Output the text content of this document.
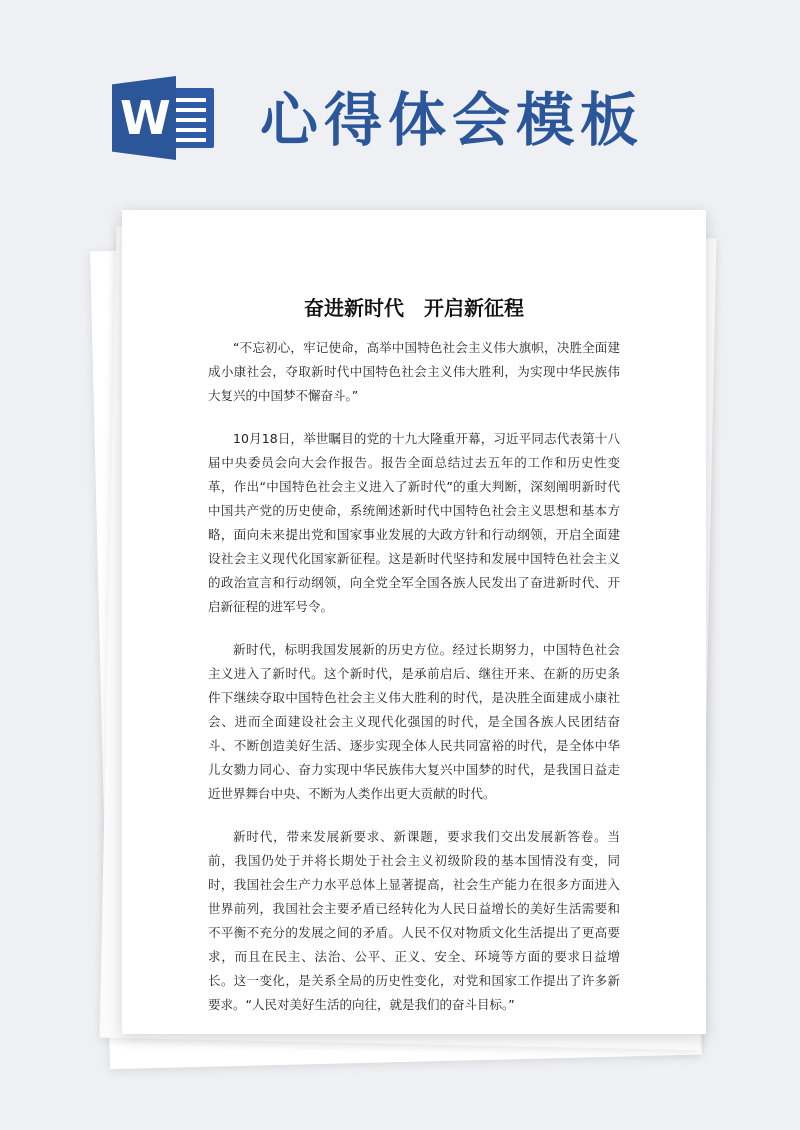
W 心得体会模板
奋进新时代　开启新征程

“不忘初心，牢记使命，高举中国特色社会主义伟大旗帜，决胜全面建成小康社会，夺取新时代中国特色社会主义伟大胜利，为实现中华民族伟大复兴的中国梦不懈奋斗。”

10月18日，举世瞩目的党的十九大隆重开幕，习近平同志代表第十八届中央委员会向大会作报告。报告全面总结过去五年的工作和历史性变革，作出“中国特色社会主义进入了新时代”的重大判断，深刻阐明新时代中国共产党的历史使命，系统阐述新时代中国特色社会主义思想和基本方略，面向未来提出党和国家事业发展的大政方针和行动纲领，开启全面建设社会主义现代化国家新征程。这是新时代坚持和发展中国特色社会主义的政治宣言和行动纲领，向全党全军全国各族人民发出了奋进新时代、开启新征程的进军号令。

新时代，标明我国发展新的历史方位。经过长期努力，中国特色社会主义进入了新时代。这个新时代，是承前启后、继往开来、在新的历史条件下继续夺取中国特色社会主义伟大胜利的时代，是决胜全面建成小康社会、进而全面建设社会主义现代化强国的时代，是全国各族人民团结奋斗、不断创造美好生活、逐步实现全体人民共同富裕的时代，是全体中华儿女勠力同心、奋力实现中华民族伟大复兴中国梦的时代，是我国日益走近世界舞台中央、不断为人类作出更大贡献的时代。

新时代，带来发展新要求、新课题，要求我们交出发展新答卷。当前，我国仍处于并将长期处于社会主义初级阶段的基本国情没有变，同时，我国社会生产力水平总体上显著提高，社会生产能力在很多方面进入世界前列，我国社会主要矛盾已经转化为人民日益增长的美好生活需要和不平衡不充分的发展之间的矛盾。人民不仅对物质文化生活提出了更高要求，而且在民主、法治、公平、正义、安全、环境等方面的要求日益增长。这一变化，是关系全局的历史性变化，对党和国家工作提出了许多新要求。“人民对美好生活的向往，就是我们的奋斗目标。”
